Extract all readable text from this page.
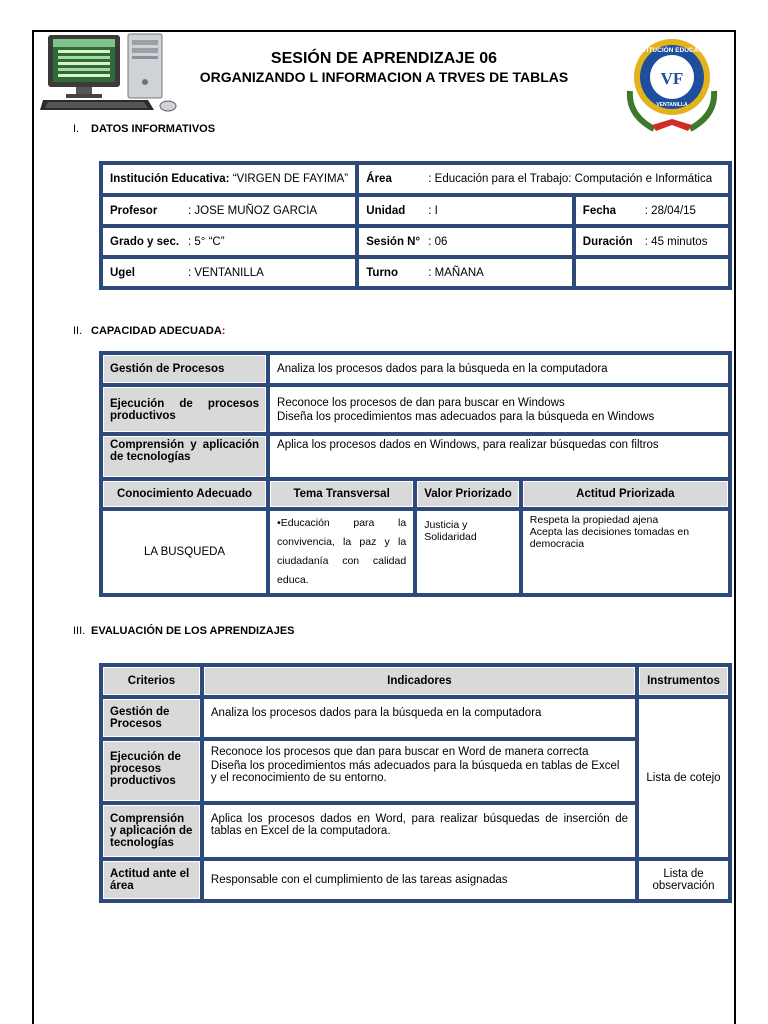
SESIÓN DE APRENDIZAJE 06
ORGANIZANDO L INFORMACION A TRVES DE TABLAS
INSTITUCIÓN EDUCATIVA
VF
VENTANILLA
I. DATOS INFORMATIVOS
Institución Educativa: “VIRGEN DE FAYIMA”	Área : Educación para el Trabajo: Computación e Informática	
Profesor : JOSE MUÑOZ GARCIA	Unidad : I	Fecha : 28/04/15
Grado y sec. : 5° “C”	Sesión N° : 06	Duración : 45 minutos
Ugel : VENTANILLA	Turno : MAÑANA	
II. CAPACIDAD ADECUADA:
Gestión de Procesos	Analiza los procesos dados para la búsqueda en la computadora		
Ejecución de procesos productivos	Reconoce los procesos de dan para buscar en Windows

Diseña los procedimientos mas adecuados para la búsqueda en Windows		

Comprensión y aplicación de tecnologías	Aplica los procesos dados en Windows, para realizar búsquedas con filtros		
Conocimiento Adecuado	Tema Transversal	Valor Priorizado	Actitud Priorizada
LA BUSQUEDA	•Educación para la convivencia, la paz y la ciudadanía con calidad educa.	Justicia y Solidaridad	Respeta la propiedad ajena
Acepta las decisiones tomadas en democracia
III. EVALUACIÓN DE LOS APRENDIZAJES
Criterios	Indicadores	Instrumentos
Gestión de Procesos	Analiza los procesos dados para la búsqueda en la computadora	Lista de cotejo
Ejecución de procesos productivos	Reconoce los procesos que dan para buscar en Word de manera correcta

Diseña los procedimientos más adecuados para la búsqueda en tablas de Excel y el reconocimiento de su entorno.	

Comprensión y aplicación de tecnologías	Aplica los procesos dados en Word, para realizar búsquedas de inserción de tablas en Excel de la computadora.	
Actitud ante el área	Responsable con el cumplimiento de las tareas asignadas	Lista de observación
